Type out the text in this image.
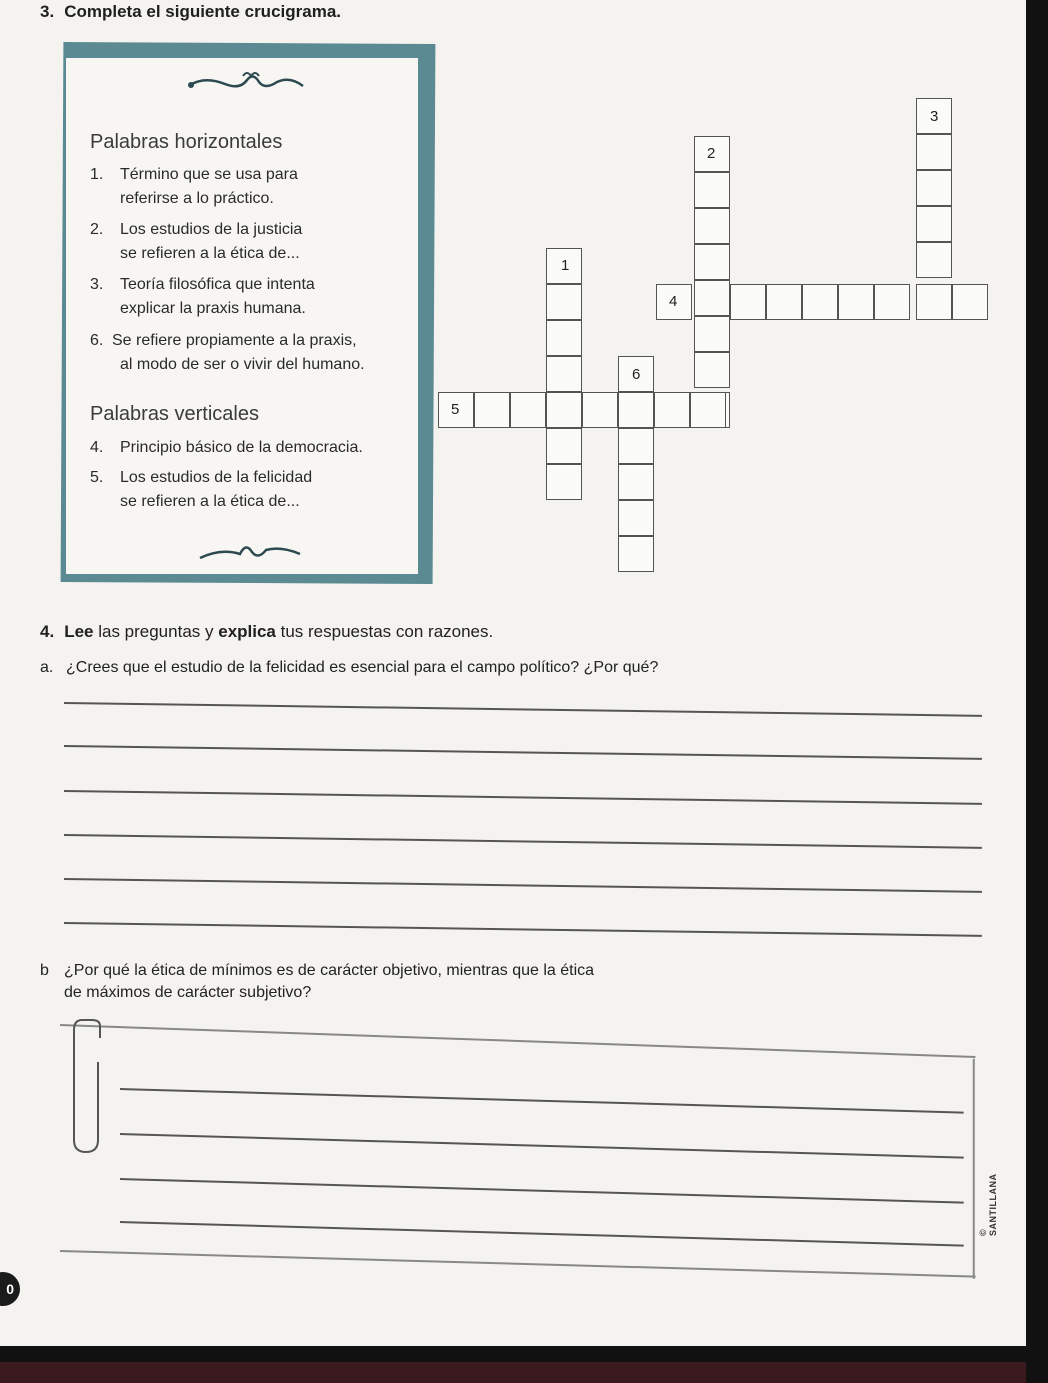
3. Completa el siguiente crucigrama.
Palabras horizontales
1. Término que se usa para
referirse a lo práctico.
2. Los estudios de la justicia
se refieren a la ética de...
3. Teoría filosófica que intenta
explicar la praxis humana.
6. Se refiere propiamente a la praxis,
al modo de ser o vivir del humano.
Palabras verticales
4. Principio básico de la democracia.
5. Los estudios de la felicidad
se refieren a la ética de...
1
2
3
4
5
6
4. Lee las preguntas y explica tus respuestas con razones.
a. ¿Crees que el estudio de la felicidad es esencial para el campo político? ¿Por qué?
b ¿Por qué la ética de mínimos es de carácter objetivo, mientras que la ética
de máximos de carácter subjetivo?
0
© SANTILLANA
